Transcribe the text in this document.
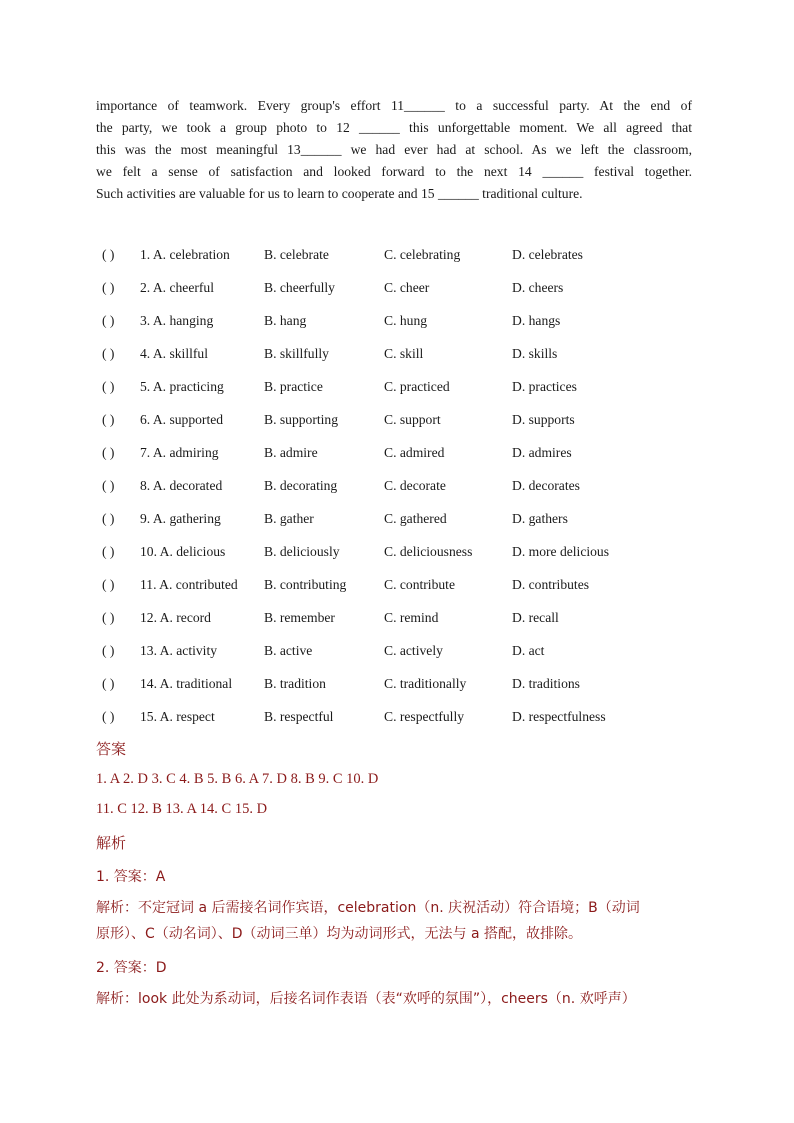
importance of teamwork. Every group's effort 11______ to a successful party. At the end of
the party, we took a group photo to 12 ______ this unforgettable moment. We all agreed that
this was the most meaningful 13______ we had ever had at school. As we left the classroom,
we felt a sense of satisfaction and looked forward to the next 14 ______ festival together.
Such activities are valuable for us to learn to cooperate and 15 ______ traditional culture.
( ) 1. A. celebration	B. celebrate	C. celebrating	D. celebrates
( ) 2. A. cheerful	B. cheerfully	C. cheer	D. cheers
( ) 3. A. hanging	B. hang	C. hung	D. hangs
( ) 4. A. skillful	B. skillfully	C. skill	D. skills
( ) 5. A. practicing	B. practice	C. practiced	D. practices
( ) 6. A. supported	B. supporting	C. support	D. supports
( ) 7. A. admiring	B. admire	C. admired	D. admires
( ) 8. A. decorated	B. decorating	C. decorate	D. decorates
( ) 9. A. gathering	B. gather	C. gathered	D. gathers
( ) 10. A. delicious	B. deliciously	C. deliciousness	D. more delicious
( ) 11. A. contributed B. contributing	C. contribute	D. contributes
( ) 12. A. record	B. remember	C. remind	D. recall
( ) 13. A. activity	B. active	C. actively	D. act
( ) 14. A. traditional B. tradition	C. traditionally	D. traditions
( ) 15. A. respect	B. respectful	C. respectfully	D. respectfulness
答案
1. A 2. D 3. C 4. B 5. B 6. A 7. D 8. B 9. C 10. D
11. C 12. B 13. A 14. C 15. D
解析
1. 答案：A
解析：不定冠词 a 后需接名词作宾语，celebration（n. 庆祝活动）符合语境；B（动词
原形）、C（动名词）、D（动词三单）均为动词形式，无法与 a 搭配，故排除。
2. 答案：D
解析：look 此处为系动词，后接名词作表语（表“欢呼的氛围”），cheers（n. 欢呼声）
